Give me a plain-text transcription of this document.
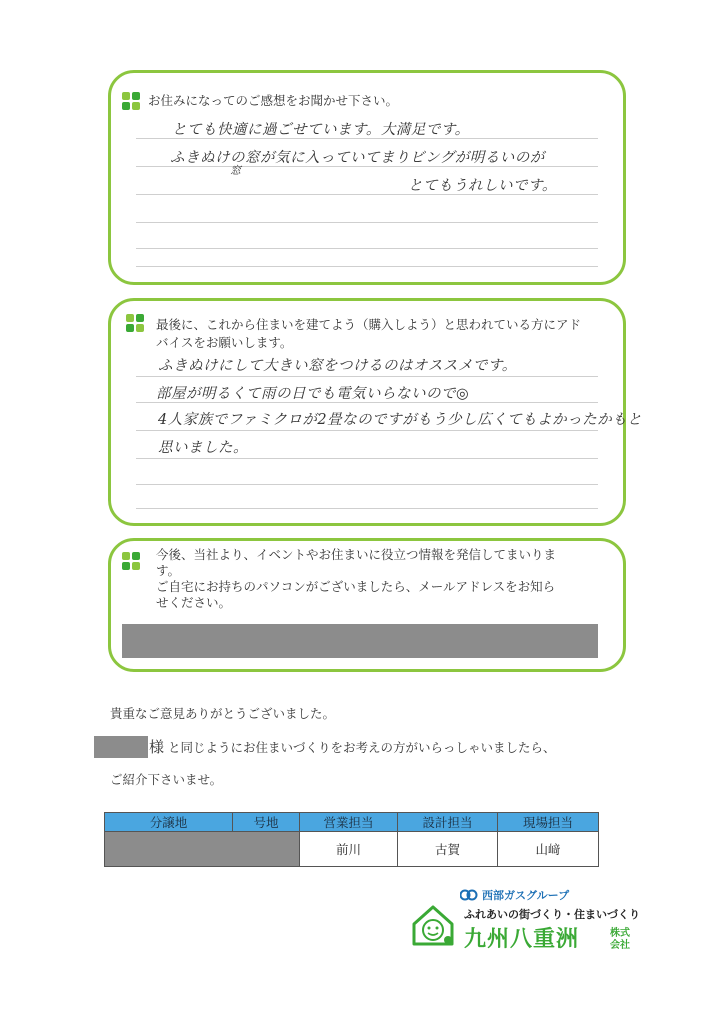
お住みになってのご感想をお聞かせ下さい。
とても快適に過ごせています。大満足です。
ふきぬけの窓が気に入っていてまりビングが明るいのが
窓
とてもうれしいです。
最後に、これから住まいを建てよう（購入しよう）と思われている方にアド
バイスをお願いします。
ふきぬけにして大きい窓をつけるのはオススメです。
部屋が明るくて雨の日でも電気いらないので◎
4人家族でファミクロが2畳なのですがもう少し広くてもよかったかもと
思いました。
今後、当社より、イベントやお住まいに役立つ情報を発信してまいりま
す。
ご自宅にお持ちのパソコンがございましたら、メールアドレスをお知ら
せください。
貴重なご意見ありがとうございました。
様 と同じようにお住まいづくりをお考えの方がいらっしゃいましたら、
ご紹介下さいませ。
分譲地	号地	営業担当	設計担当	現場担当
		前川	古賀	山﨑
西部ガスグループ
ふれあいの街づくり・住まいづくり
九州八重洲	株式
会社
